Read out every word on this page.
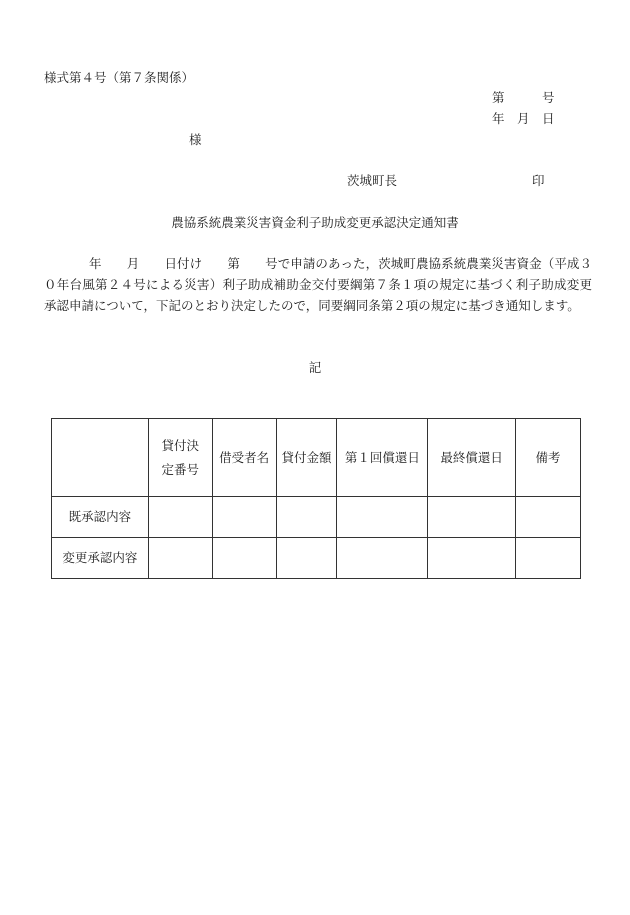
様式第４号（第７条関係）
第　　　号
年　月　日
様
茨城町長	印
農協系統農業災害資金利子助成変更承認決定通知書
年　　月　　日付け　　第　　号で申請のあった，茨城町農協系統農業災害資金（平成３０年台風第２４号による災害）利子助成補助金交付要綱第７条１項の規定に基づく利子助成変更承認申請について，下記のとおり決定したので，同要綱同条第２項の規定に基づき通知します。
記

	貸付決定番号	借受者名	貸付金額	第１回償還日	最終償還日	備考
既承認内容						
変更承認内容						
